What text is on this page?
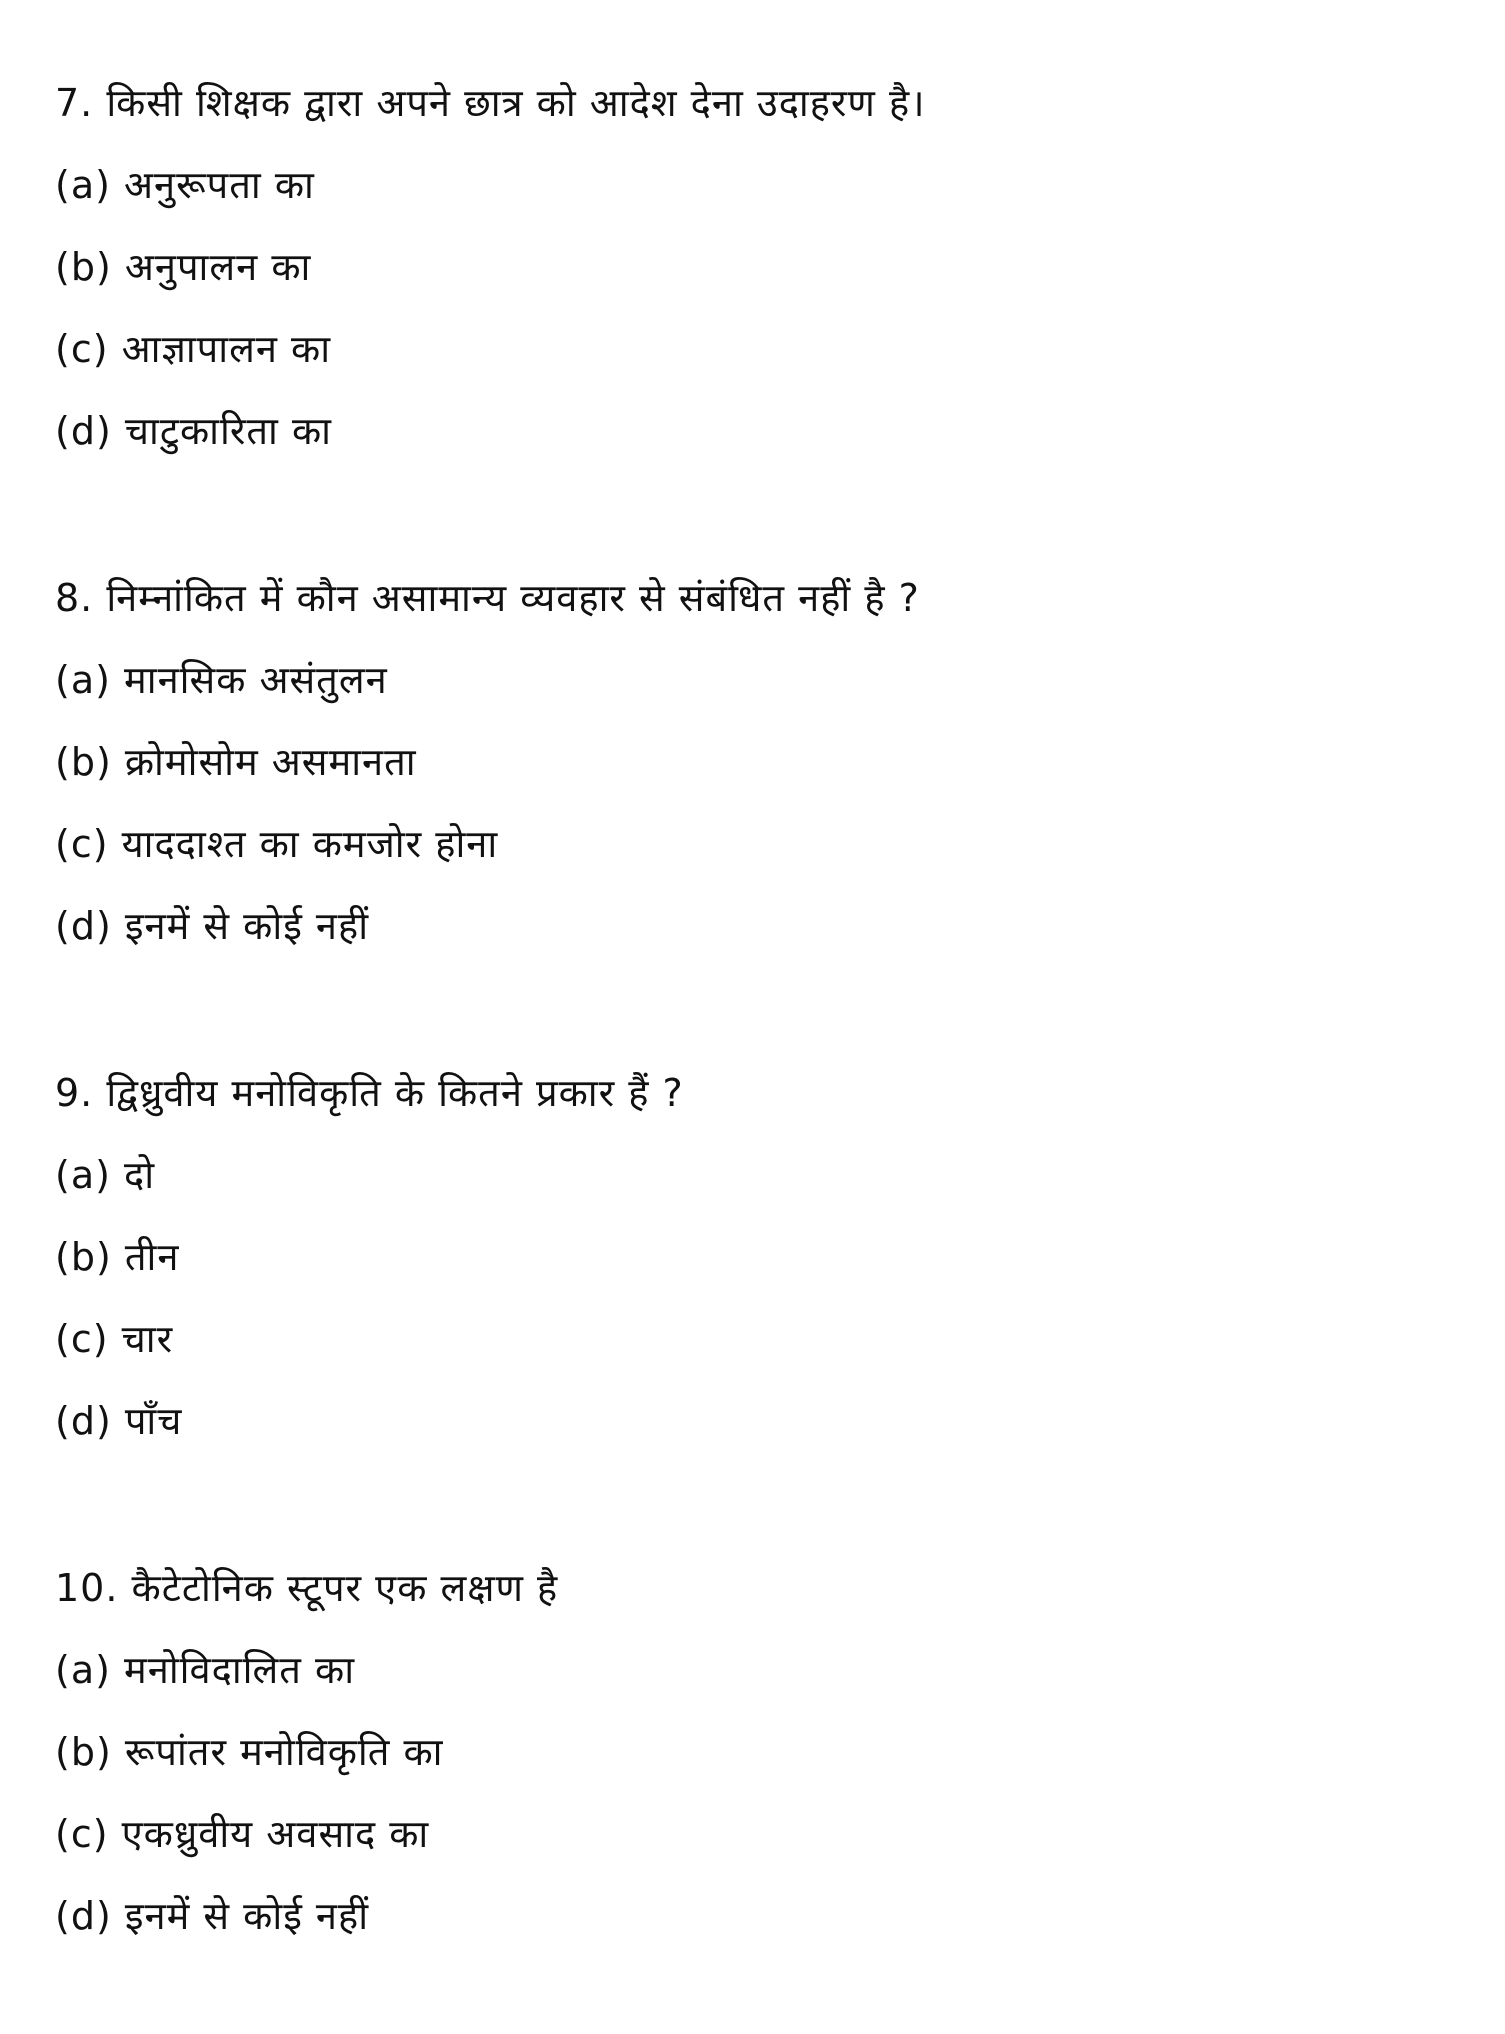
7. किसी शिक्षक द्वारा अपने छात्र को आदेश देना उदाहरण है।
(a) अनुरूपता का
(b) अनुपालन का
(c) आज्ञापालन का
(d) चाटुकारिता का
8. निम्नांकित में कौन असामान्य व्यवहार से संबंधित नहीं है ?
(a) मानसिक असंतुलन
(b) क्रोमोसोम असमानता
(c) याददाश्त का कमजोर होना
(d) इनमें से कोई नहीं
9. द्विध्रुवीय मनोविकृति के कितने प्रकार हैं ?
(a) दो
(b) तीन
(c) चार
(d) पाँच
10. कैटेटोनिक स्टूपर एक लक्षण है
(a) मनोविदालित का
(b) रूपांतर मनोविकृति का
(c) एकध्रुवीय अवसाद का
(d) इनमें से कोई नहीं
